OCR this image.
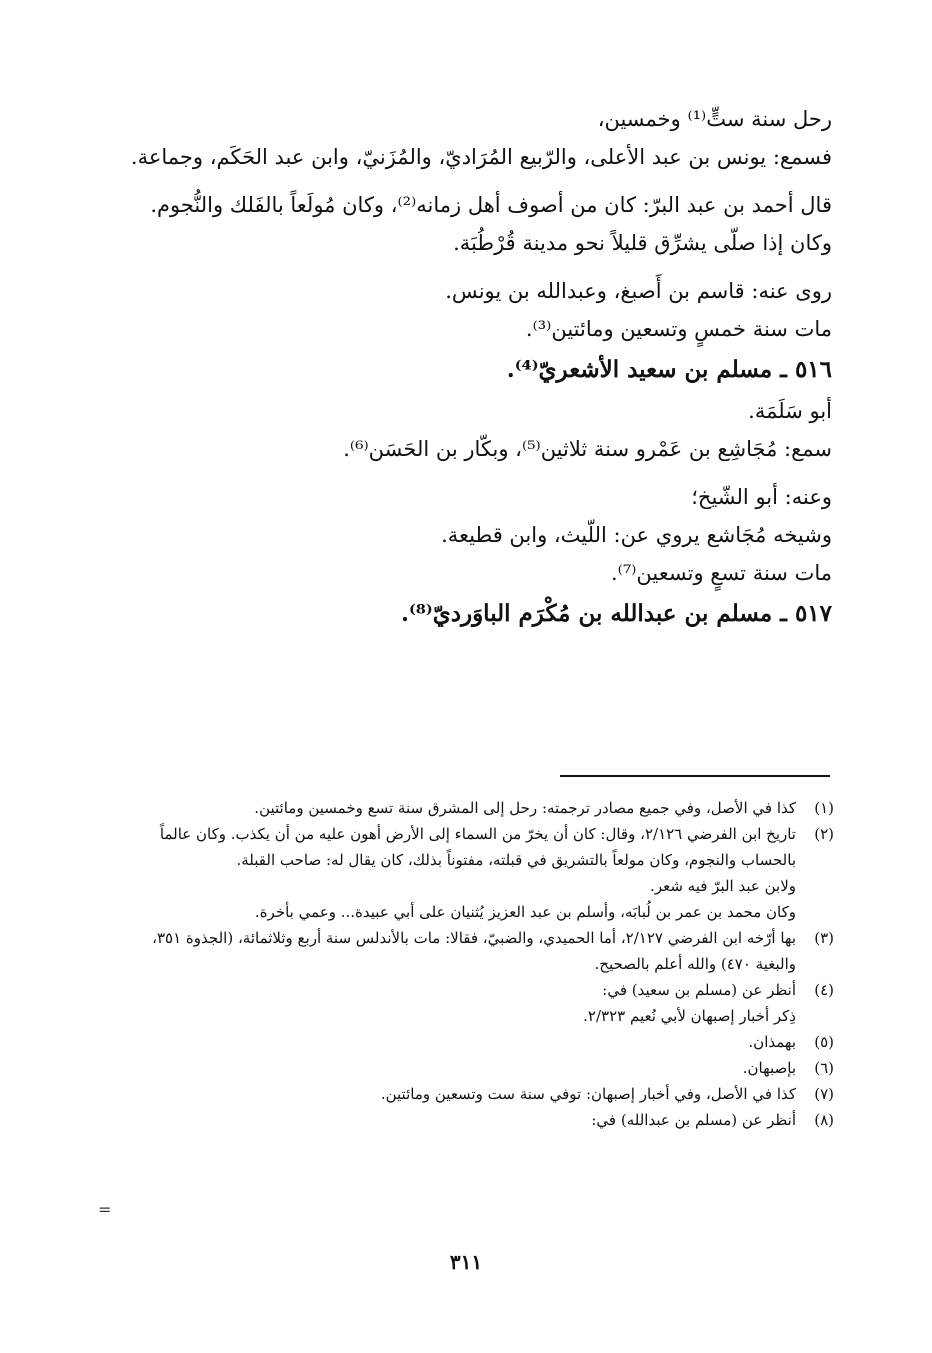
رحل سنة ستٍّ⁽¹⁾ وخمسين،

فسمع: يونس بن عبد الأعلى، والرّبيع المُرَاديّ، والمُزَنيّ، وابن عبد الحَكَم، وجماعة.

قال أحمد بن عبد البرّ: كان من أصوف أهل زمانه⁽²⁾، وكان مُولَعاً بالفَلك والنُّجوم. وكان إذا صلّى يشرِّق قليلاً نحو مدينة قُرْطُبَة.

روى عنه: قاسم بن أَصبغ، وعبدالله بن يونس.

مات سنة خمسٍ وتسعين ومائتين⁽³⁾.

٥١٦ ـ مسلم بن سعيد الأشعريّ⁽⁴⁾.

أبو سَلَمَة.

سمع: مُجَاشِع بن عَمْرو سنة ثلاثين⁽⁵⁾، وبكّار بن الحَسَن⁽⁶⁾.

وعنه: أبو الشّيخ؛

وشيخه مُجَاشع يروي عن: اللّيث، وابن قطيعة.

مات سنة تسعٍ وتسعين⁽⁷⁾.

٥١٧ ـ مسلم بن عبدالله بن مُكْرَم الباوَرديّ⁽⁸⁾.

(١)
كذا في الأصل، وفي جميع مصادر ترجمته: رحل إلى المشرق سنة تسع وخمسين ومائتين.
(٢)
تاريخ ابن الفرضي ٢/١٢٦، وقال: كان أن يخرّ من السماء إلى الأرض أهون عليه من أن يكذب. وكان عالماً بالحساب والنجوم، وكان مولعاً بالتشريق في قبلته، مفتوناً بذلك، كان يقال له: صاحب القبلة.
ولابن عبد البرّ فيه شعر.
وكان محمد بن عمر بن لُبابَه، وأسلم بن عبد العزيز يُثنيان على أبي عبيدة... وعمي بأخرة.
(٣)
بها أرّخه ابن الفرضي ٢/١٢٧، أما الحميدي، والضبيّ، فقالا: مات بالأندلس سنة أربع وثلاثمائة، (الجذوة ٣٥١، والبغية ٤٧٠) والله أعلم بالصحيح.
(٤)
أنظر عن (مسلم بن سعيد) في:
ذِكر أخبار إصبهان لأبي نُعيم ٢/٣٢٣.
(٥)
بهمذان.
(٦)
بإصبهان.
(٧)
كذا في الأصل، وفي أخبار إصبهان: توفي سنة ست وتسعين ومائتين.
(٨)
أنظر عن (مسلم بن عبدالله) في:
=
٣١١
